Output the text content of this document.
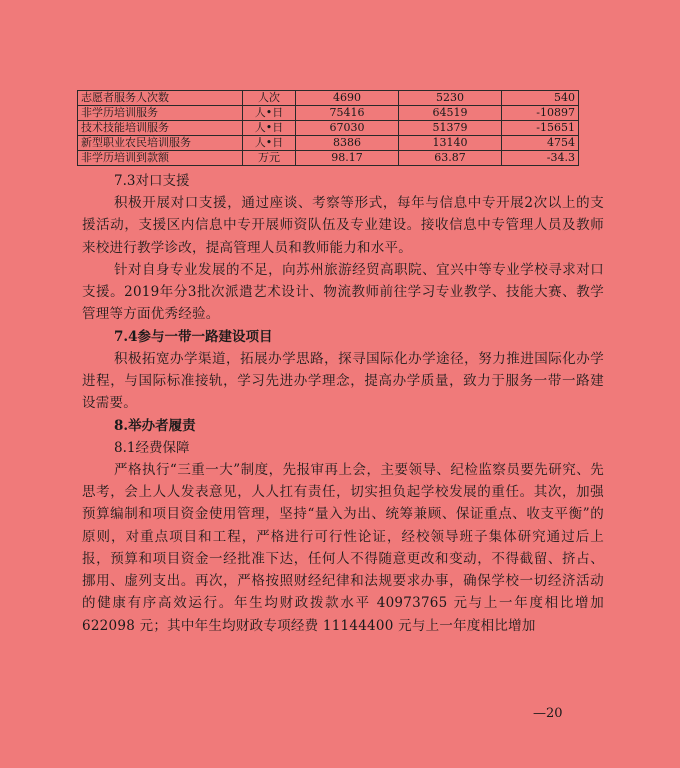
志愿者服务人次数	人次	4690	5230	540
非学历培训服务	人•日	75416	64519	-10897
技术技能培训服务	人•日	67030	51379	-15651
新型职业农民培训服务	人•日	8386	13140	4754
非学历培训到款额	万元	98.17	63.87	-34.3

7.3对口支援

积极开展对口支援，通过座谈、考察等形式，每年与信息中专开展2次以上的支援活动，支援区内信息中专开展师资队伍及专业建设。接收信息中专管理人员及教师来校进行教学诊改，提高管理人员和教师能力和水平。

针对自身专业发展的不足，向苏州旅游经贸高职院、宜兴中等专业学校寻求对口支援。2019年分3批次派遣艺术设计、物流教师前往学习专业教学、技能大赛、教学管理等方面优秀经验。

7.4参与一带一路建设项目

积极拓宽办学渠道，拓展办学思路，探寻国际化办学途径，努力推进国际化办学进程，与国际标准接轨，学习先进办学理念，提高办学质量，致力于服务一带一路建设需要。

8.举办者履责

8.1经费保障

严格执行“三重一大”制度，先报审再上会，主要领导、纪检监察员要先研究、先思考，会上人人发表意见，人人扛有责任，切实担负起学校发展的重任。其次，加强预算编制和项目资金使用管理，坚持“量入为出、统筹兼顾、保证重点、收支平衡”的原则，对重点项目和工程，严格进行可行性论证，经校领导班子集体研究通过后上报，预算和项目资金一经批准下达，任何人不得随意更改和变动，不得截留、挤占、挪用、虚列支出。再次，严格按照财经纪律和法规要求办事，确保学校一切经济活动的健康有序高效运行。年生均财政拨款水平 40973765 元与上一年度相比增加 622098 元；其中年生均财政专项经费 11144400 元与上一年度相比增加

—20
